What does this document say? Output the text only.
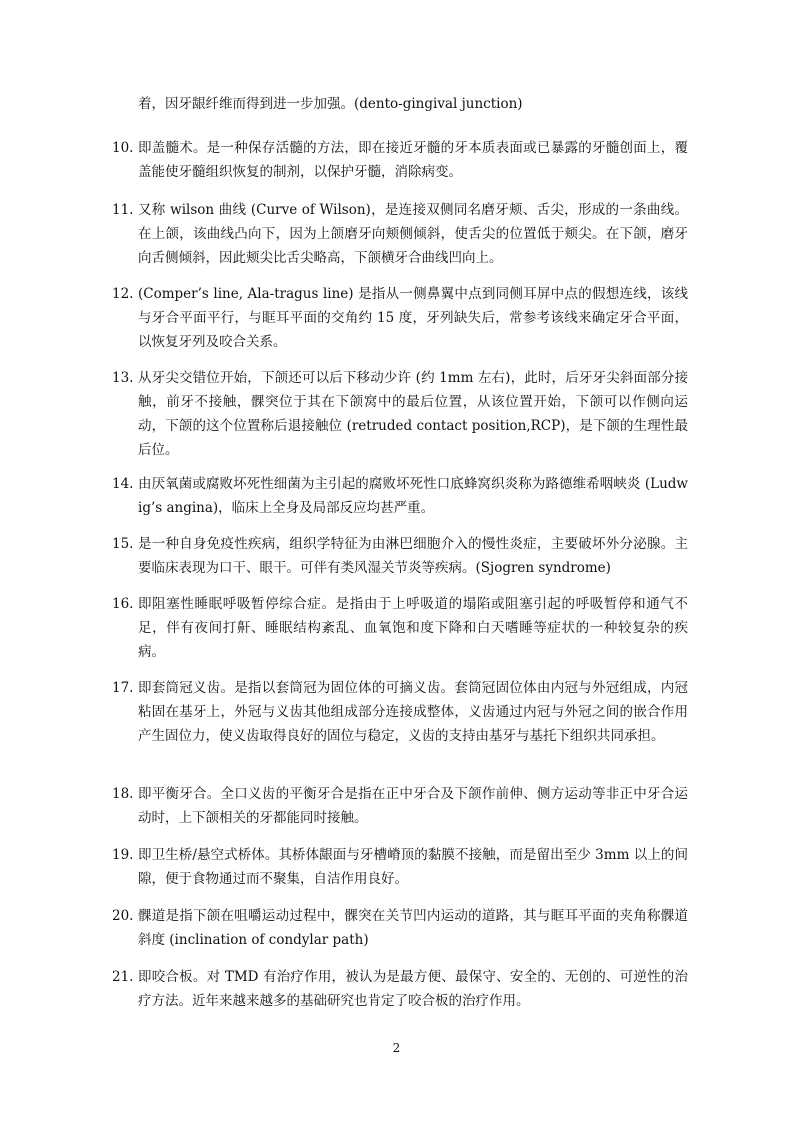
着，因牙龈纤维而得到进一步加强。(dento-gingival junction)
10. 即盖髓术。是一种保存活髓的方法，即在接近牙髓的牙本质表面或已暴露的牙髓创面上，覆盖能使牙髓组织恢复的制剂，以保护牙髓，消除病变。
11. 又称 wilson 曲线 (Curve of Wilson)，是连接双侧同名磨牙颊、舌尖，形成的一条曲线。在上颌，该曲线凸向下，因为上颌磨牙向颊侧倾斜，使舌尖的位置低于颊尖。在下颌，磨牙向舌侧倾斜，因此颊尖比舌尖略高，下颌横牙合曲线凹向上。
12. (Comper’s line, Ala-tragus line) 是指从一侧鼻翼中点到同侧耳屏中点的假想连线，该线与牙合平面平行，与眶耳平面的交角约 15 度，牙列缺失后，常参考该线来确定牙合平面，以恢复牙列及咬合关系。
13. 从牙尖交错位开始，下颌还可以后下移动少许 (约 1mm 左右)，此时，后牙牙尖斜面部分接触，前牙不接触，髁突位于其在下颌窝中的最后位置，从该位置开始，下颌可以作侧向运动，下颌的这个位置称后退接触位 (retruded contact position,RCP)，是下颌的生理性最后位。
14. 由厌氧菌或腐败坏死性细菌为主引起的腐败坏死性口底蜂窝织炎称为路德维希咽峡炎 (Ludwig’s angina)，临床上全身及局部反应均甚严重。
15. 是一种自身免疫性疾病，组织学特征为由淋巴细胞介入的慢性炎症，主要破坏外分泌腺。主要临床表现为口干、眼干。可伴有类风湿关节炎等疾病。(Sjogren syndrome)
16. 即阻塞性睡眠呼吸暂停综合症。是指由于上呼吸道的塌陷或阻塞引起的呼吸暂停和通气不足，伴有夜间打鼾、睡眠结构紊乱、血氧饱和度下降和白天嗜睡等症状的一种较复杂的疾病。
17. 即套筒冠义齿。是指以套筒冠为固位体的可摘义齿。套筒冠固位体由内冠与外冠组成，内冠粘固在基牙上，外冠与义齿其他组成部分连接成整体，义齿通过内冠与外冠之间的嵌合作用产生固位力，使义齿取得良好的固位与稳定，义齿的支持由基牙与基托下组织共同承担。
18. 即平衡牙合。全口义齿的平衡牙合是指在正中牙合及下颌作前伸、侧方运动等非正中牙合运动时，上下颌相关的牙都能同时接触。
19. 即卫生桥/悬空式桥体。其桥体龈面与牙槽嵴顶的黏膜不接触，而是留出至少 3mm 以上的间隙，便于食物通过而不聚集，自洁作用良好。
20. 髁道是指下颌在咀嚼运动过程中，髁突在关节凹内运动的道路，其与眶耳平面的夹角称髁道斜度 (inclination of condylar path)
21. 即咬合板。对 TMD 有治疗作用，被认为是最方便、最保守、安全的、无创的、可逆性的治疗方法。近年来越来越多的基础研究也肯定了咬合板的治疗作用。
2
